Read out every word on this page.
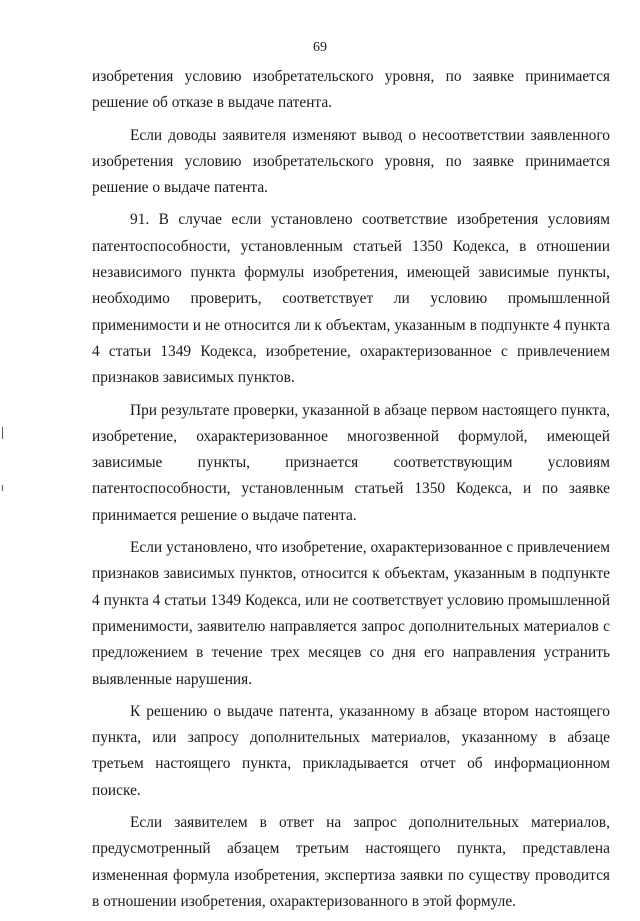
69

изобретения условию изобретательского уровня, по заявке принимается решение об отказе в выдаче патента.

Если доводы заявителя изменяют вывод о несоответствии заявленного изобретения условию изобретательского уровня, по заявке принимается решение о выдаче патента.

91. В случае если установлено соответствие изобретения условиям патентоспособности, установленным статьей 1350 Кодекса, в отношении независимого пункта формулы изобретения, имеющей зависимые пункты, необходимо проверить, соответствует ли условию промышленной применимости и не относится ли к объектам, указанным в подпункте 4 пункта 4 статьи 1349 Кодекса, изобретение, охарактеризованное с привлечением признаков зависимых пунктов.

При результате проверки, указанной в абзаце первом настоящего пункта, изобретение, охарактеризованное многозвенной формулой, имеющей зависимые пункты, признается соответствующим условиям патентоспособности, установленным статьей 1350 Кодекса, и по заявке принимается решение о выдаче патента.

Если установлено, что изобретение, охарактеризованное с привлечением признаков зависимых пунктов, относится к объектам, указанным в подпункте 4 пункта 4 статьи 1349 Кодекса, или не соответствует условию промышленной применимости, заявителю направляется запрос дополнительных материалов с предложением в течение трех месяцев со дня его направления устранить выявленные нарушения.

К решению о выдаче патента, указанному в абзаце втором настоящего пункта, или запросу дополнительных материалов, указанному в абзаце третьем настоящего пункта, прикладывается отчет об информационном поиске.

Если заявителем в ответ на запрос дополнительных материалов, предусмотренный абзацем третьим настоящего пункта, представлена измененная формула изобретения, экспертиза заявки по существу проводится в отношении изобретения, охарактеризованного в этой формуле.
